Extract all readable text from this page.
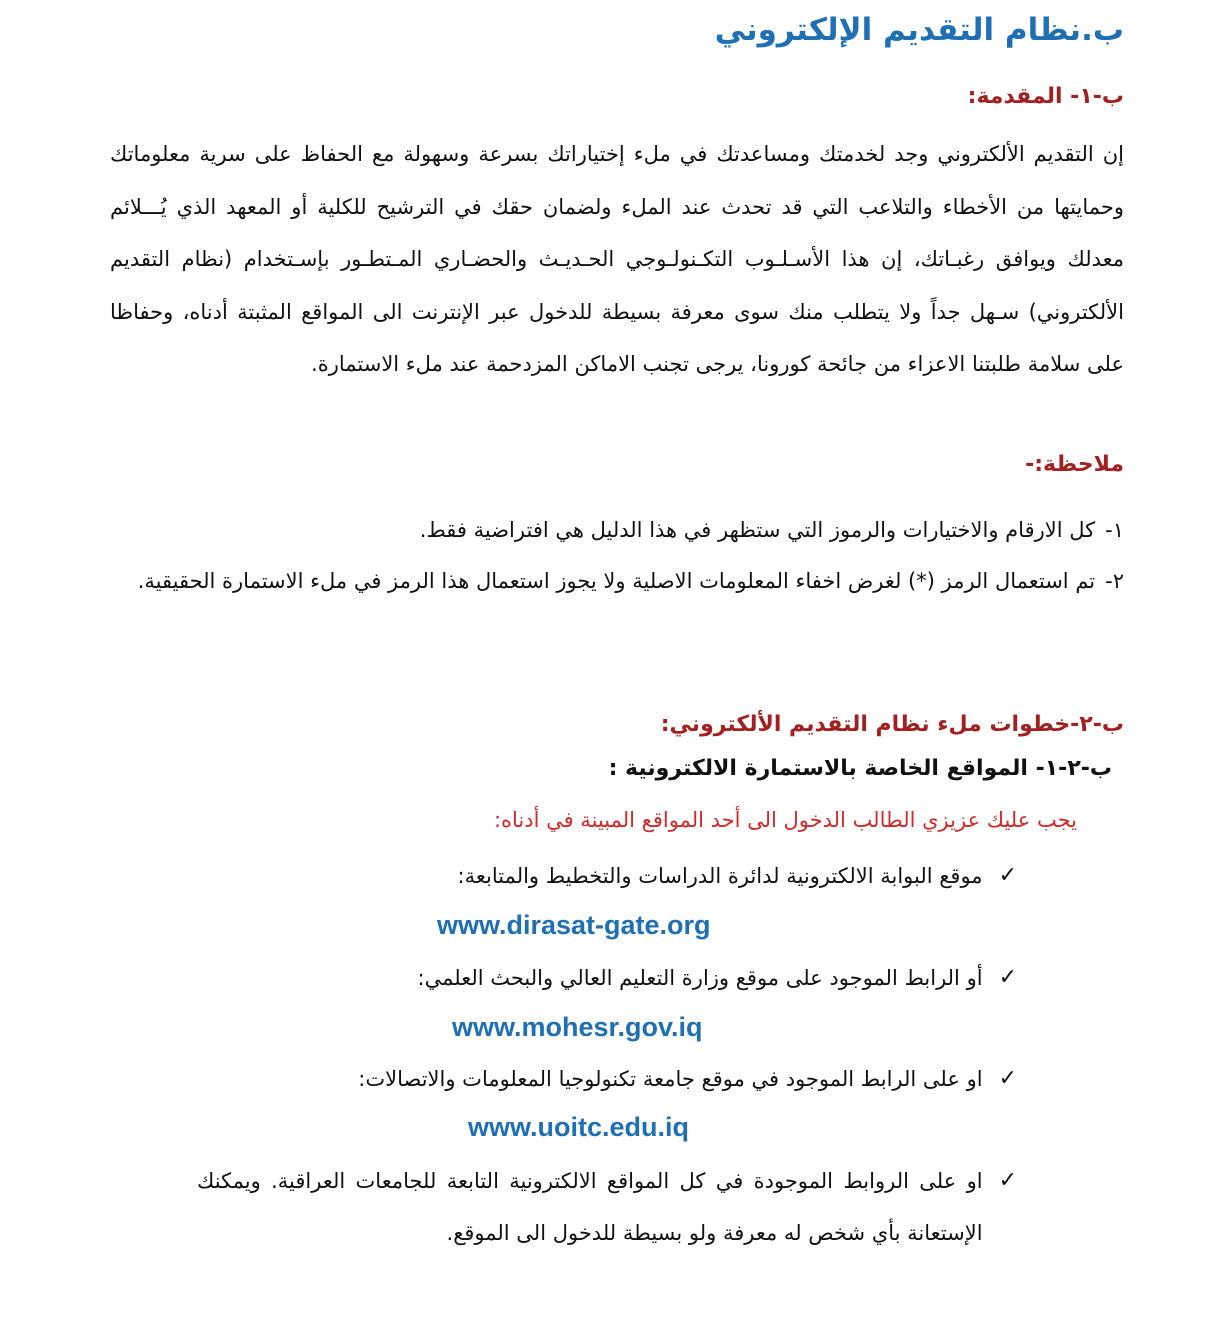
ب.نظام التقديم الإلكتروني
ب-١- المقدمة:

إن التقديم الألكتروني وجد لخدمتك ومساعدتك في ملء إختياراتك بسرعة وسهولة مع الحفاظ على سرية معلوماتك وحمايتها من الأخطاء والتلاعب التي قد تحدث عند الملء ولضمان حقك في الترشيح للكلية أو المعهد الذي يُـــلائم معدلك ويوافق رغبـاتك، إن هذا الأسـلـوب التكـنولـوجي الحـديـث والحضـاري المـتطـور بإسـتخدام (نظام التقديم الألكتروني) سـهل جداً ولا يتطلب منك سوى معرفة بسيطة للدخول عبر الإنترنت الى المواقع المثبتة أدناه، وحفاظا على سلامة طلبتنا الاعزاء من جائحة كورونا، يرجى تجنب الاماكن المزدحمة عند ملء الاستمارة.

ملاحظة:-
١-
كل الارقام والاختيارات والرموز التي ستظهر في هذا الدليل هي افتراضية فقط.
٢-
تم استعمال الرمز (*) لغرض اخفاء المعلومات الاصلية ولا يجوز استعمال هذا الرمز في ملء الاستمارة الحقيقية.
ب-٢-خطوات ملء نظام التقديم الألكتروني:
ب-٢-١- المواقع الخاصة بالاستمارة الالكترونية :
يجب عليك عزيزي الطالب الدخول الى أحد المواقع المبينة في أدناه:
✓
موقع البوابة الالكترونية لدائرة الدراسات والتخطيط والمتابعة:
www.dirasat-gate.org
✓
أو الرابط الموجود على موقع وزارة التعليم العالي والبحث العلمي:
www.mohesr.gov.iq
✓
او على الرابط الموجود في موقع جامعة تكنولوجيا المعلومات والاتصالات:
www.uoitc.edu.iq
✓
او على الروابط الموجودة في كل المواقع الالكترونية التابعة للجامعات العراقية. ويمكنك الإستعانة بأي شخص له معرفة ولو بسيطة للدخول الى الموقع.
